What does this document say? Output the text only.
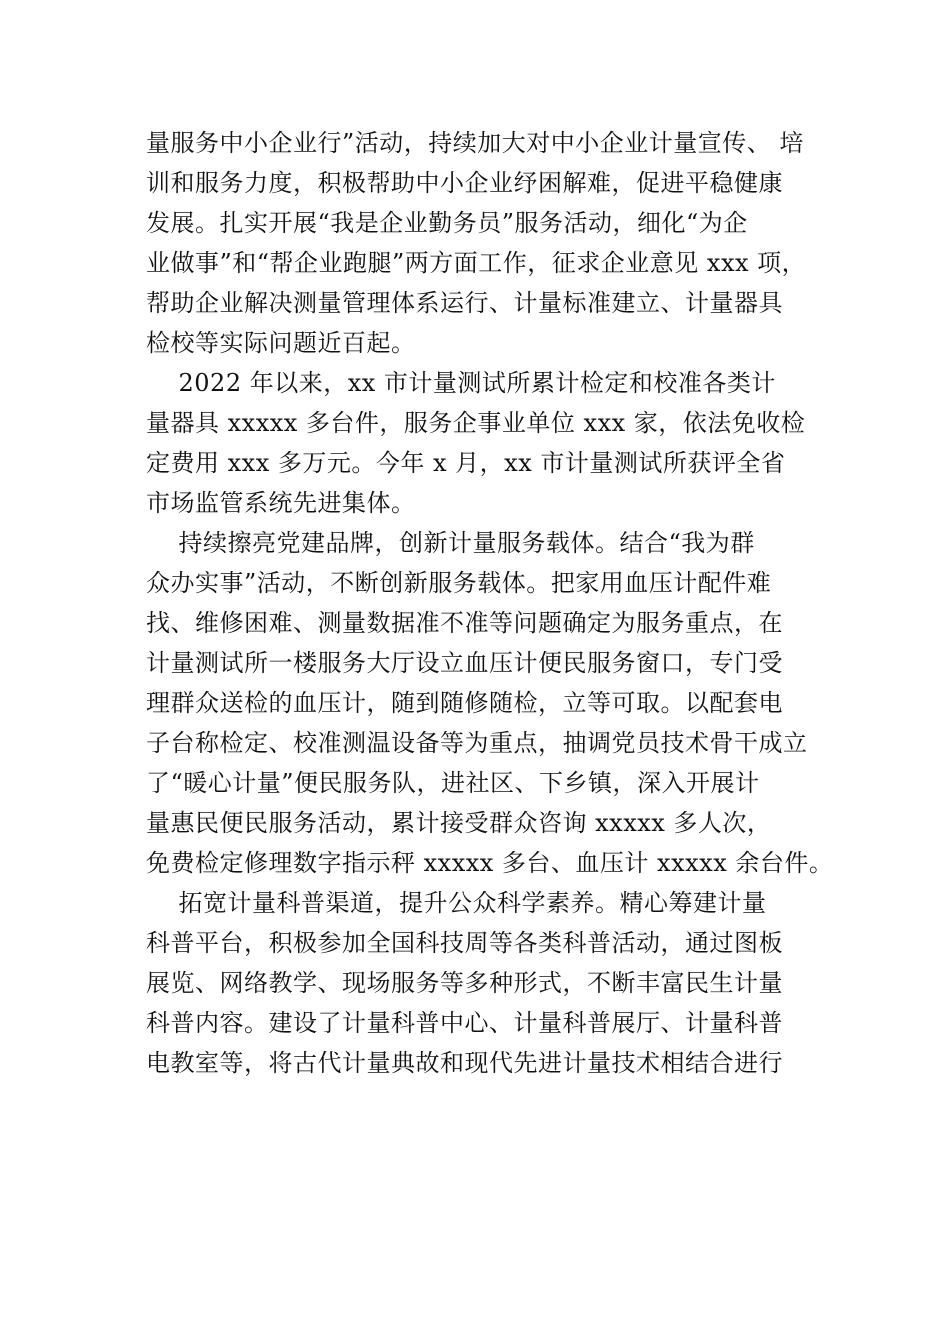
量服务中小企业行”活动，持续加大对中小企业计量宣传、 培
训和服务力度，积极帮助中小企业纾困解难，促进平稳健康
发展。扎实开展“我是企业勤务员”服务活动，细化“为企
业做事”和“帮企业跑腿”两方面工作，征求企业意见 xxx 项，
帮助企业解决测量管理体系运行、计量标准建立、计量器具
检校等实际问题近百起。
2022 年以来，xx 市计量测试所累计检定和校准各类计
量器具 xxxxx 多台件，服务企事业单位 xxx 家，依法免收检
定费用 xxx 多万元。今年 x 月，xx 市计量测试所获评全省
市场监管系统先进集体。
持续擦亮党建品牌，创新计量服务载体。结合“我为群
众办实事”活动，不断创新服务载体。把家用血压计配件难
找、维修困难、测量数据准不准等问题确定为服务重点，在
计量测试所一楼服务大厅设立血压计便民服务窗口，专门受
理群众送检的血压计，随到随修随检，立等可取。以配套电
子台称检定、校准测温设备等为重点，抽调党员技术骨干成立
了“暖心计量”便民服务队，进社区、下乡镇，深入开展计
量惠民便民服务活动，累计接受群众咨询 xxxxx 多人次，
免费检定修理数字指示秤 xxxxx 多台、血压计 xxxxx 余台件。
拓宽计量科普渠道，提升公众科学素养。精心筹建计量
科普平台，积极参加全国科技周等各类科普活动，通过图板
展览、网络教学、现场服务等多种形式，不断丰富民生计量
科普内容。建设了计量科普中心、计量科普展厅、计量科普
电教室等，将古代计量典故和现代先进计量技术相结合进行
